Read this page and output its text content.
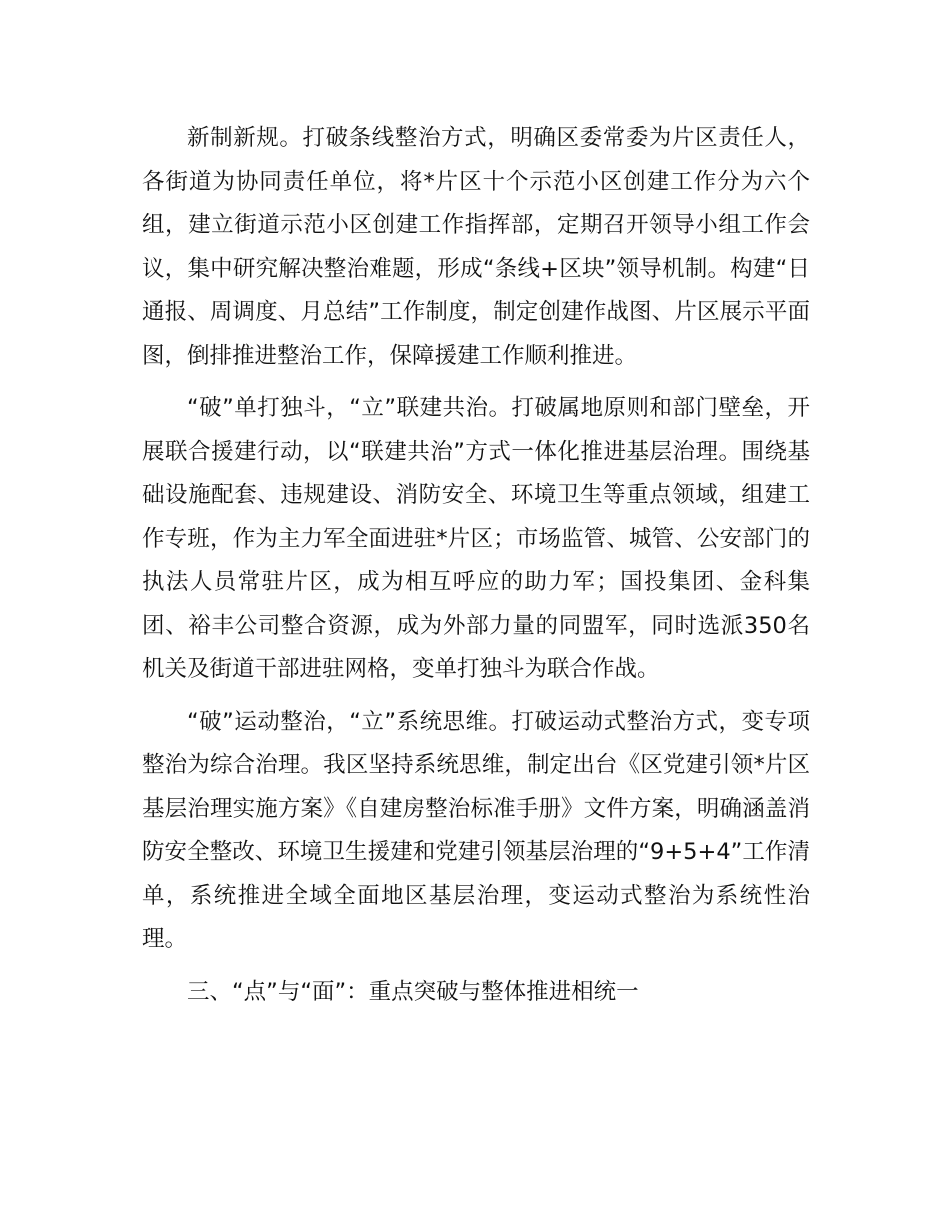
新制新规。打破条线整治方式，明确区委常委为片区责任人，各街道为协同责任单位，将*片区十个示范小区创建工作分为六个组，建立街道示范小区创建工作指挥部，定期召开领导小组工作会议，集中研究解决整治难题，形成“条线+区块”领导机制。构建“日通报、周调度、月总结”工作制度，制定创建作战图、片区展示平面图，倒排推进整治工作，保障援建工作顺利推进。

“破”单打独斗，“立”联建共治。打破属地原则和部门壁垒，开展联合援建行动，以“联建共治”方式一体化推进基层治理。围绕基础设施配套、违规建设、消防安全、环境卫生等重点领域，组建工作专班，作为主力军全面进驻*片区；市场监管、城管、公安部门的执法人员常驻片区，成为相互呼应的助力军；国投集团、金科集团、裕丰公司整合资源，成为外部力量的同盟军，同时选派350名机关及街道干部进驻网格，变单打独斗为联合作战。

“破”运动整治，“立”系统思维。打破运动式整治方式，变专项整治为综合治理。我区坚持系统思维，制定出台《区党建引领*片区基层治理实施方案》《自建房整治标准手册》文件方案，明确涵盖消防安全整改、环境卫生援建和党建引领基层治理的“9+5+4”工作清单，系统推进全域全面地区基层治理，变运动式整治为系统性治理。

三、“点”与“面”：重点突破与整体推进相统一
